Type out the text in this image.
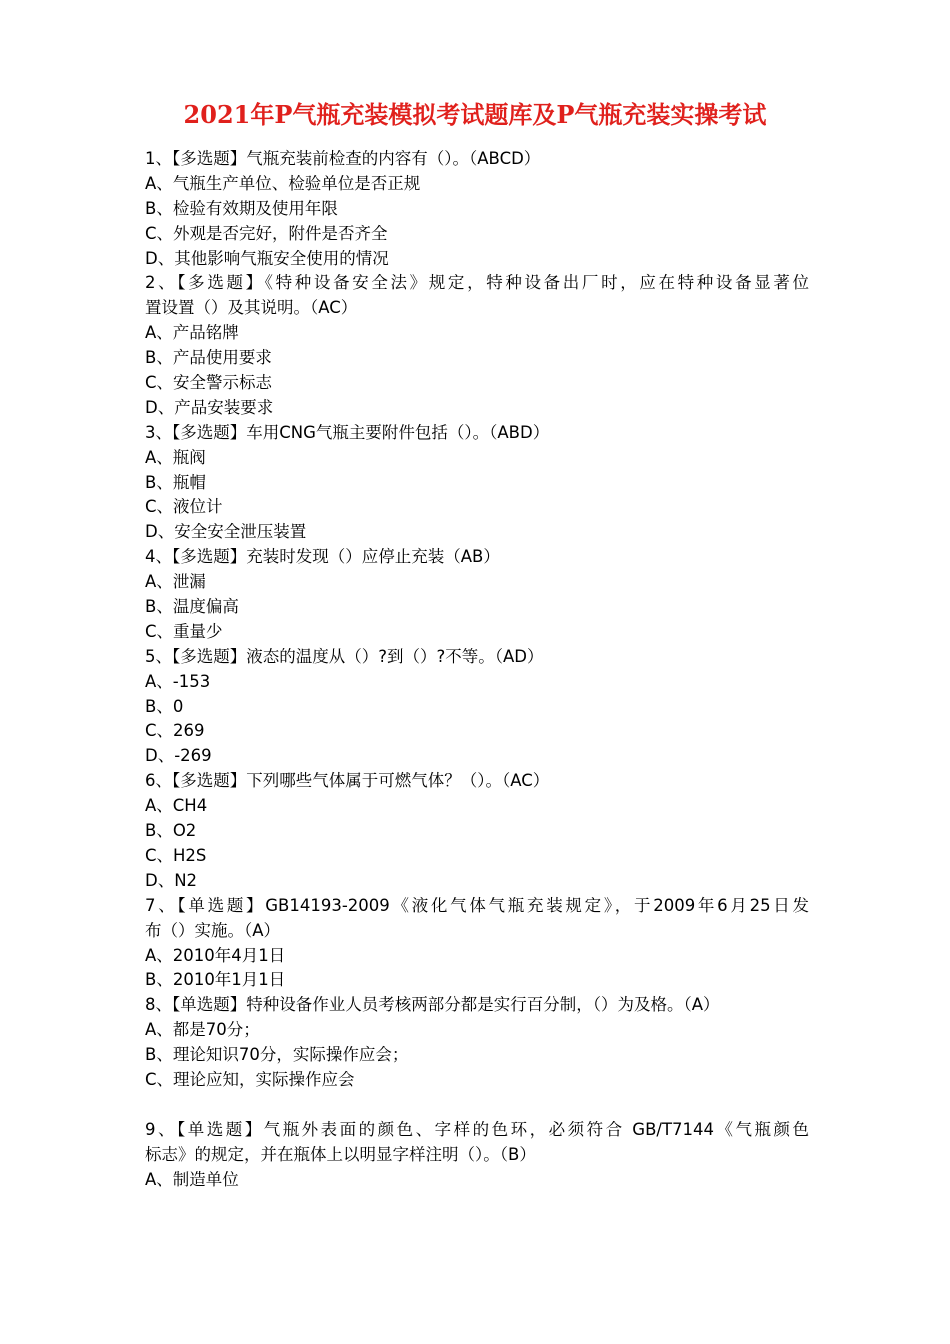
2021年P气瓶充装模拟考试题库及P气瓶充装实操考试
1、【多选题】气瓶充装前检查的内容有（）。（ABCD）
A、气瓶生产单位、检验单位是否正规
B、检验有效期及使用年限
C、外观是否完好，附件是否齐全
D、其他影响气瓶安全使用的情况
2、【多选题】《特种设备安全法》规定，特种设备出厂时，应在特种设备显著位
置设置（）及其说明。（AC）
A、产品铭牌
B、产品使用要求
C、安全警示标志
D、产品安装要求
3、【多选题】车用CNG气瓶主要附件包括（）。（ABD）
A、瓶阀
B、瓶帽
C、液位计
D、安全安全泄压装置
4、【多选题】充装时发现（）应停止充装（AB）
A、泄漏
B、温度偏高
C、重量少
5、【多选题】液态的温度从（）?到（）?不等。（AD）
A、-153
B、0
C、269
D、-269
6、【多选题】下列哪些气体属于可燃气体？（）。（AC）
A、CH4
B、O2
C、H2S
D、N2
7、【单选题】GB14193-2009《液化气体气瓶充装规定》，于2009年6月25日发
布（）实施。（A）
A、2010年4月1日
B、2010年1月1日
8、【单选题】特种设备作业人员考核两部分都是实行百分制，（）为及格。（A）
A、都是70分；
B、理论知识70分，实际操作应会；
C、理论应知，实际操作应会
9、【单选题】气瓶外表面的颜色、字样的色环，必须符合 GB/T7144《气瓶颜色
标志》的规定，并在瓶体上以明显字样注明（）。（B）
A、制造单位
